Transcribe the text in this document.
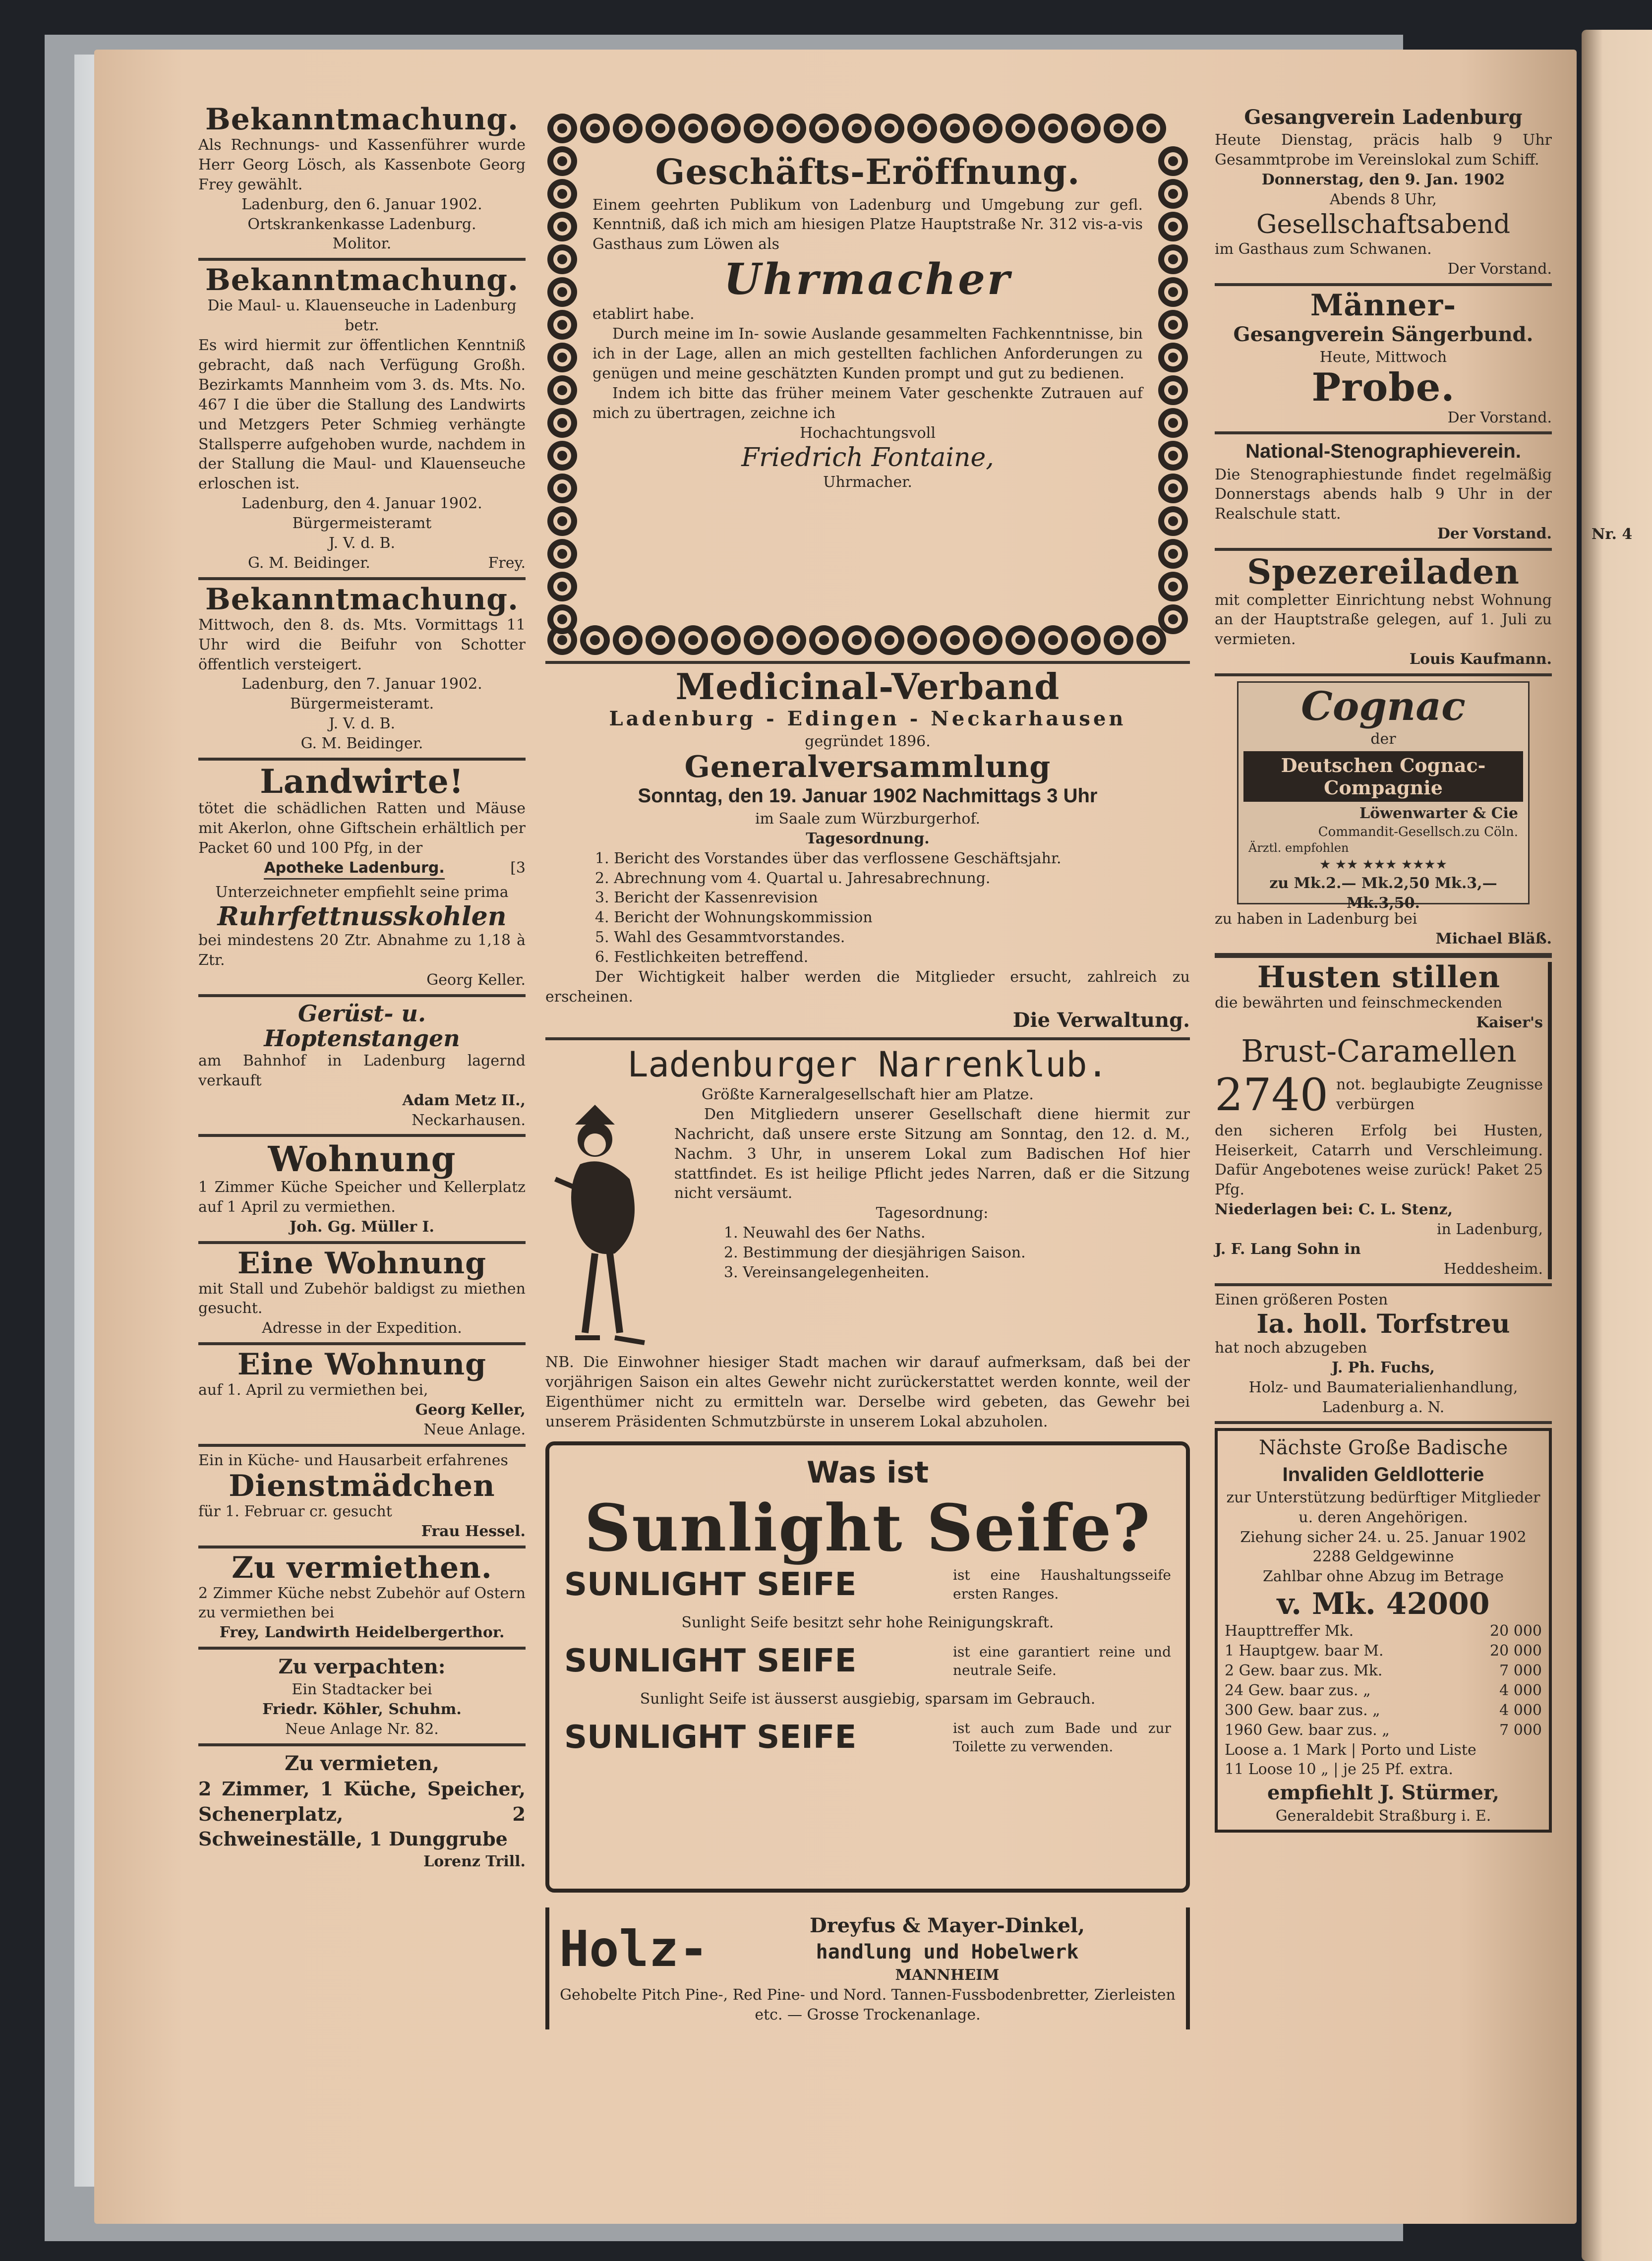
Nr. 4
Bekanntmachung.
Als Rechnungs- und Kassenführer wurde Herr Georg Lösch, als Kassenbote Georg Frey gewählt.
Ladenburg, den 6. Januar 1902.
Ortskrankenkasse Ladenburg.
Molitor.
Bekanntmachung.
Die Maul- u. Klauenseuche in Ladenburg betr.
Es wird hiermit zur öffentlichen Kenntniß gebracht, daß nach Verfügung Großh. Bezirkamts Mannheim vom 3. ds. Mts. No. 467 I die über die Stallung des Landwirts und Metzgers Peter Schmieg verhängte Stallsperre aufgehoben wurde, nachdem in der Stallung die Maul- und Klauenseuche erloschen ist.
Ladenburg, den 4. Januar 1902.
Bürgermeisteramt
J. V. d. B.
G. M. Beidinger.	Frey.
Bekanntmachung.
Mittwoch, den 8. ds. Mts. Vormittags 11 Uhr wird die Beifuhr von Schotter öffentlich versteigert.
Ladenburg, den 7. Januar 1902.
Bürgermeisteramt.
J. V. d. B.
G. M. Beidinger.
Landwirte!
tötet die schädlichen Ratten und Mäuse mit Akerlon, ohne Giftschein erhältlich per Packet 60 und 100 Pfg, in der
Apotheke Ladenburg.	[3
Unterzeichneter empfiehlt seine prima
Ruhrfettnusskohlen
bei mindestens 20 Ztr. Abnahme zu 1,18 à Ztr.
Georg Keller.
Gerüst- u. Hoptenstangen
am Bahnhof in Ladenburg lagernd verkauft
Adam Metz II.,
Neckarhausen.
Wohnung
1 Zimmer Küche Speicher und Kellerplatz auf 1 April zu vermiethen.
Joh. Gg. Müller I.
Eine Wohnung
mit Stall und Zubehör baldigst zu miethen gesucht.
Adresse in der Expedition.
Eine Wohnung
auf 1. April zu vermiethen bei,
Georg Keller,
Neue Anlage.
Ein in Küche- und Hausarbeit erfahrenes
Dienstmädchen
für 1. Februar cr. gesucht
Frau Hessel.
Zu vermiethen.
2 Zimmer Küche nebst Zubehör auf Ostern zu vermiethen bei
Frey, Landwirth Heidelbergerthor.
Zu verpachten:
Ein Stadtacker bei
Friedr. Köhler, Schuhm.
Neue Anlage Nr. 82.
Zu vermieten,
2 Zimmer, 1 Küche, Speicher, Schenerplatz, 2 Schweineställe, 1 Dunggrube
Lorenz Trill.
Geschäfts-Eröffnung.
Einem geehrten Publikum von Ladenburg und Umgebung zur gefl. Kenntniß, daß ich mich am hiesigen Platze Hauptstraße Nr. 312 vis-a-vis Gasthaus zum Löwen als
Uhrmacher
etablirt habe.
Durch meine im In- sowie Auslande gesammelten Fachkenntnisse, bin ich in der Lage, allen an mich gestellten fachlichen Anforderungen zu genügen und meine geschätzten Kunden prompt und gut zu bedienen.
Indem ich bitte das früher meinem Vater geschenkte Zutrauen auf mich zu übertragen, zeichne ich
Hochachtungsvoll
Friedrich Fontaine,
Uhrmacher.
Medicinal-Verband
Ladenburg - Edingen - Neckarhausen
gegründet 1896.
Generalversammlung
Sonntag, den 19. Januar 1902 Nachmittags 3 Uhr
im Saale zum Würzburgerhof.
Tagesordnung.
1. Bericht des Vorstandes über das verflossene Geschäftsjahr.
2. Abrechnung vom 4. Quartal u. Jahresabrechnung.
3. Bericht der Kassenrevision
4. Bericht der Wohnungskommission
5. Wahl des Gesammtvorstandes.
6. Festlichkeiten betreffend.
Der Wichtigkeit halber werden die Mitglieder ersucht, zahlreich zu erscheinen.
Die Verwaltung.
Ladenburger Narrenklub.
Größte Karneralgesellschaft hier am Platze.
Den Mitgliedern unserer Gesellschaft diene hiermit zur Nachricht, daß unsere erste Sitzung am Sonntag, den 12. d. M., Nachm. 3 Uhr, in unserem Lokal zum Badischen Hof hier stattfindet. Es ist heilige Pflicht jedes Narren, daß er die Sitzung nicht versäumt.
Tagesordnung:
1. Neuwahl des 6er Naths.
2. Bestimmung der diesjährigen Saison.
3. Vereinsangelegenheiten.
NB. Die Einwohner hiesiger Stadt machen wir darauf aufmerksam, daß bei der vorjährigen Saison ein altes Gewehr nicht zurückerstattet werden konnte, weil der Eigenthümer nicht zu ermitteln war. Derselbe wird gebeten, das Gewehr bei unserem Präsidenten Schmutzbürste in unserem Lokal abzuholen.
Was ist
Sunlight Seife?
SUNLIGHT SEIFE	ist eine Haushaltungsseife ersten Ranges.
Sunlight Seife besitzt sehr hohe Reinigungskraft.
SUNLIGHT SEIFE	ist eine garantiert reine und neutrale Seife.
Sunlight Seife ist äusserst ausgiebig, sparsam im Gebrauch.
SUNLIGHT SEIFE	ist auch zum Bade und zur Toilette zu verwenden.
Holz-	Dreyfus & Mayer-Dinkel,
handlung und Hobelwerk
MANNHEIM
Gehobelte Pitch Pine-, Red Pine- und Nord. Tannen-Fussbodenbretter, Zierleisten etc. — Grosse Trockenanlage.
Gesangverein Ladenburg
Heute Dienstag, präcis halb 9 Uhr Gesammtprobe im Vereinslokal zum Schiff.
Donnerstag, den 9. Jan. 1902
Abends 8 Uhr,
Gesellschaftsabend
im Gasthaus zum Schwanen.
Der Vorstand.
Männer-
Gesangverein Sängerbund.
Heute, Mittwoch
Probe.
Der Vorstand.
National-Stenographieverein.
Die Stenographiestunde findet regelmäßig Donnerstags abends halb 9 Uhr in der Realschule statt.
Der Vorstand.
Spezereiladen
mit completter Einrichtung nebst Wohnung an der Hauptstraße gelegen, auf 1. Juli zu vermieten.
Louis Kaufmann.
Cognac
der
Deutschen Cognac-Compagnie
Löwenwarter & Cie
Commandit-Gesellsch.zu Cöln.
Ärztl. empfohlen
★ ★★ ★★★ ★★★★
zu Mk.2.— Mk.2,50 Mk.3,— Mk.3,50.
zu haben in Ladenburg bei
Michael Bläß.
Husten stillen
die bewährten und feinschmeckenden
Kaiser's
Brust-Caramellen
2740 not. beglaubigte Zeugnisse verbürgen
den sicheren Erfolg bei Husten, Heiserkeit, Catarrh und Verschleimung. Dafür Angebotenes weise zurück! Paket 25 Pfg.
Niederlagen bei: C. L. Stenz,
in Ladenburg,
J. F. Lang Sohn in
Heddesheim.
Einen größeren Posten
Ia. holl. Torfstreu
hat noch abzugeben
J. Ph. Fuchs,
Holz- und Baumaterialienhandlung,
Ladenburg a. N.
Nächste Große Badische
Invaliden Geldlotterie
zur Unterstützung bedürftiger Mitglieder u. deren Angehörigen.
Ziehung sicher 24. u. 25. Januar 1902
2288 Geldgewinne
Zahlbar ohne Abzug im Betrage
v. Mk. 42000
Haupttreffer Mk.	20 000
1 Hauptgew. baar M.	20 000
2 Gew. baar zus. Mk.	7 000
24 Gew. baar zus. „	4 000
300 Gew. baar zus. „	4 000
1960 Gew. baar zus. „	7 000
Loose a. 1 Mark | Porto und Liste
11 Loose 10 „ | je 25 Pf. extra.
empfiehlt J. Stürmer,
Generaldebit Straßburg i. E.
